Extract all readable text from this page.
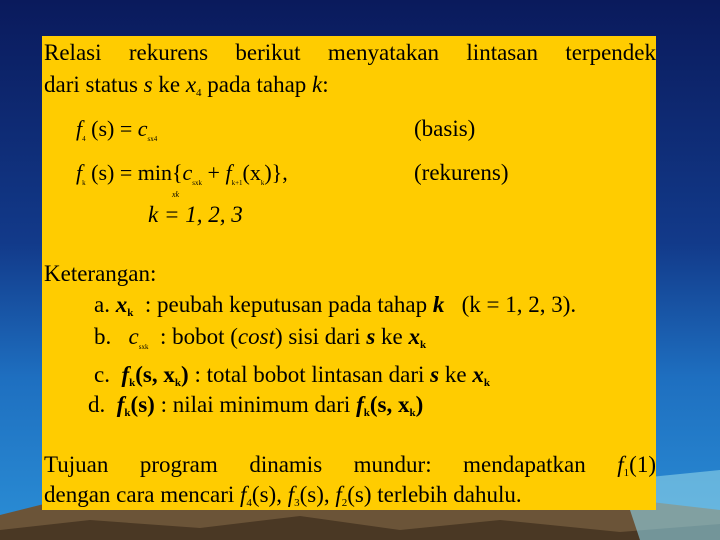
Relasi rekurens berikut menyatakan lintasan terpendek
dari status s ke $x_4$ pada tahap k:
$f_4$ $(s) = c_{sx4}$	(basis)
$f_k$ $(s) = \min\{c_{sxk} + f_{k+1}(x_k)\}$,
xk
(rekurens)
k = 1, 2, 3
Keterangan:
a. $x_k$ : peubah keputusan pada tahap k (k = 1, 2, 3).
b. $c_{sxk}$ : bobot (cost) sisi dari s ke $x_k$
c. $f_k(s$, $x_k$) : total bobot lintasan dari s ke $x_k$
d. $f_k(s)$ : nilai minimum dari $f_k(s$, $x_k$)
Tujuan program dinamis mundur: mendapatkan $f_1(1)$
dengan cara mencari $f_4(s)$, $f_3(s)$, $f_2(s)$ terlebih dahulu.
